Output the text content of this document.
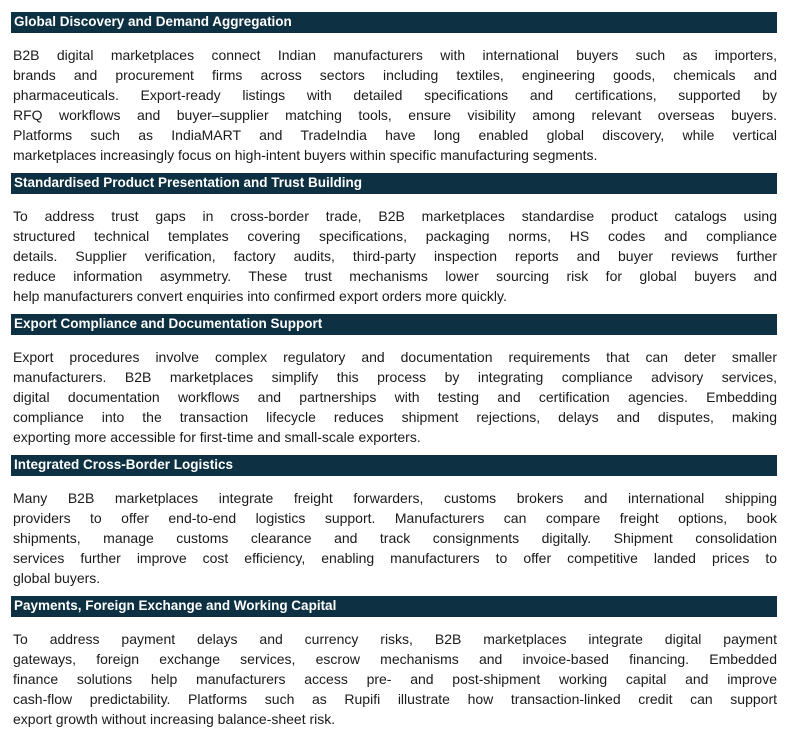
Global Discovery and Demand Aggregation
B2B digital marketplaces connect Indian manufacturers with international buyers such as importers,
brands and procurement firms across sectors including textiles, engineering goods, chemicals and
pharmaceuticals. Export-ready listings with detailed specifications and certifications, supported by
RFQ workflows and buyer–supplier matching tools, ensure visibility among relevant overseas buyers.
Platforms such as IndiaMART and TradeIndia have long enabled global discovery, while vertical
marketplaces increasingly focus on high-intent buyers within specific manufacturing segments.
Standardised Product Presentation and Trust Building
To address trust gaps in cross-border trade, B2B marketplaces standardise product catalogs using
structured technical templates covering specifications, packaging norms, HS codes and compliance
details. Supplier verification, factory audits, third-party inspection reports and buyer reviews further
reduce information asymmetry. These trust mechanisms lower sourcing risk for global buyers and
help manufacturers convert enquiries into confirmed export orders more quickly.
Export Compliance and Documentation Support
Export procedures involve complex regulatory and documentation requirements that can deter smaller
manufacturers. B2B marketplaces simplify this process by integrating compliance advisory services,
digital documentation workflows and partnerships with testing and certification agencies. Embedding
compliance into the transaction lifecycle reduces shipment rejections, delays and disputes, making
exporting more accessible for first-time and small-scale exporters.
Integrated Cross-Border Logistics
Many B2B marketplaces integrate freight forwarders, customs brokers and international shipping
providers to offer end-to-end logistics support. Manufacturers can compare freight options, book
shipments, manage customs clearance and track consignments digitally. Shipment consolidation
services further improve cost efficiency, enabling manufacturers to offer competitive landed prices to
global buyers.
Payments, Foreign Exchange and Working Capital
To address payment delays and currency risks, B2B marketplaces integrate digital payment
gateways, foreign exchange services, escrow mechanisms and invoice-based financing. Embedded
finance solutions help manufacturers access pre- and post-shipment working capital and improve
cash-flow predictability. Platforms such as Rupifi illustrate how transaction-linked credit can support
export growth without increasing balance-sheet risk.
